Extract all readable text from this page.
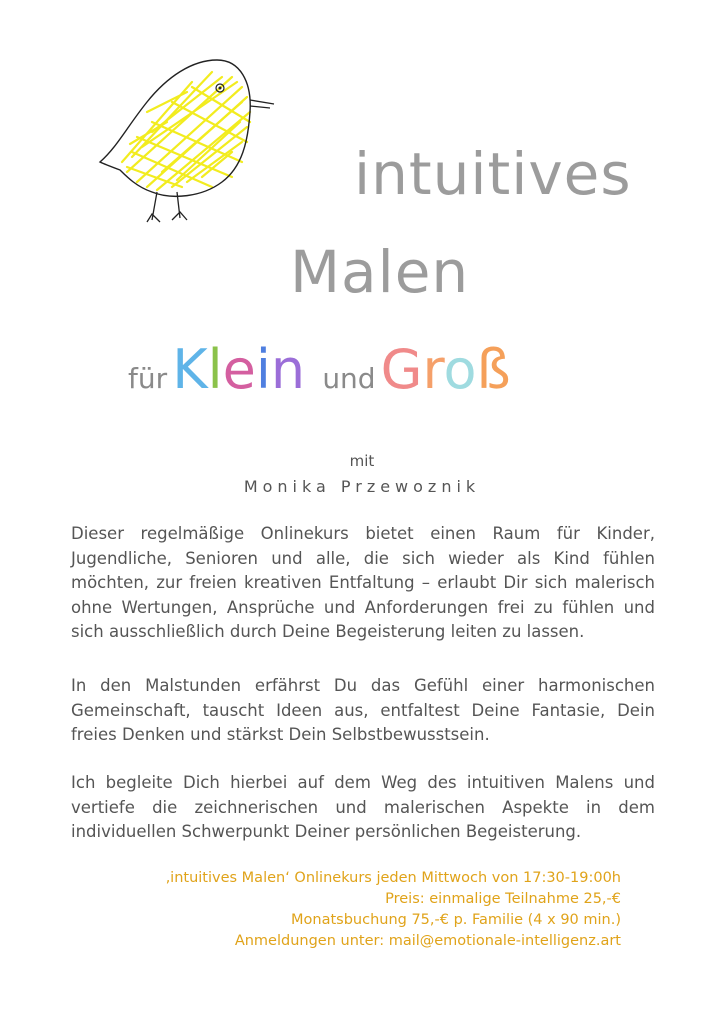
intuitives
Malen
für Klein und Groß
mit
Monika Przewoznik
Dieser regelmäßige Onlinekurs bietet einen Raum für Kinder, Jugendliche, Senioren und alle, die sich wieder als Kind fühlen möchten, zur freien kreativen Entfaltung – erlaubt Dir sich malerisch ohne Wertungen, Ansprüche und Anforderungen frei zu fühlen und sich ausschließlich durch Deine Begeisterung leiten zu lassen.
In den Malstunden erfährst Du das Gefühl einer harmonischen Gemeinschaft, tauscht Ideen aus, entfaltest Deine Fantasie, Dein freies Denken und stärkst Dein Selbstbewusstsein.
Ich begleite Dich hierbei auf dem Weg des intuitiven Malens und vertiefe die zeichnerischen und malerischen Aspekte in dem individuellen Schwerpunkt Deiner persönlichen Begeisterung.
‚intuitives Malen‘ Onlinekurs jeden Mittwoch von 17:30-19:00h
Preis: einmalige Teilnahme 25,-€
Monatsbuchung 75,-€ p. Familie (4 x 90 min.)
Anmeldungen unter: mail@emotionale-intelligenz.art
